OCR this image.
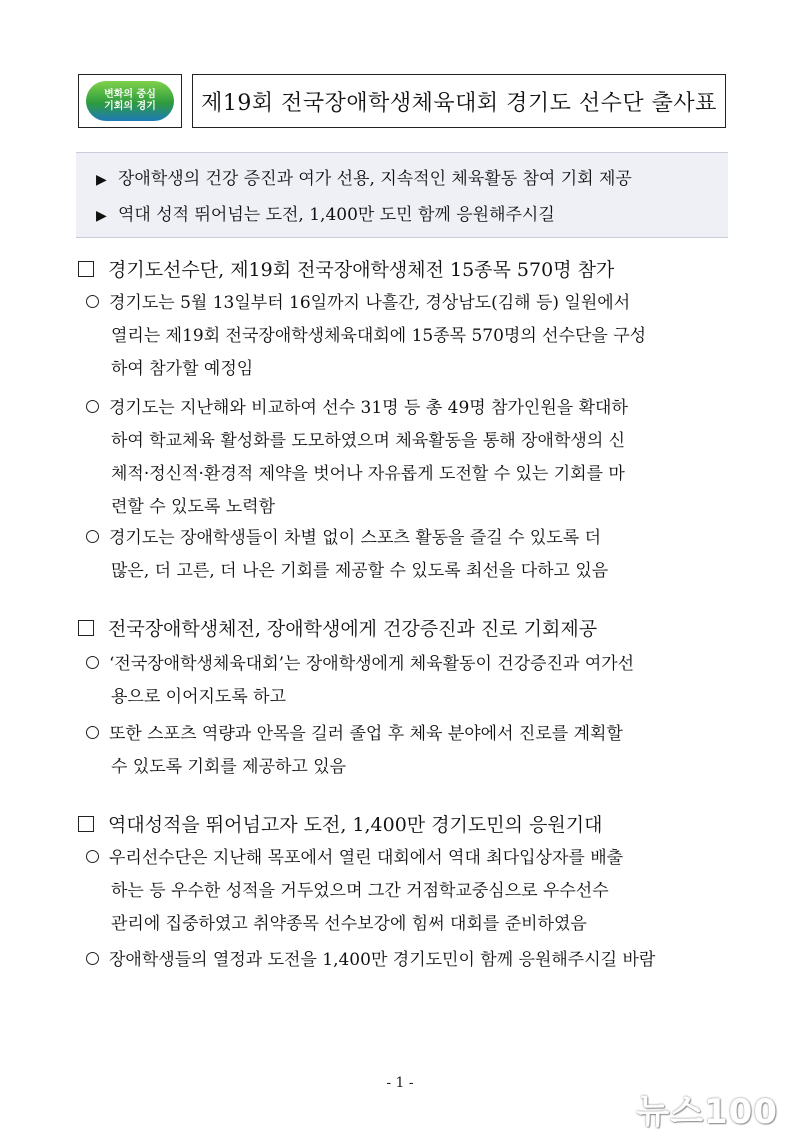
변화의 중심
기회의 경기	제19회 전국장애학생체육대회 경기도 선수단 출사표
▶ 장애학생의 건강 증진과 여가 선용, 지속적인 체육활동 참여 기회 제공
▶ 역대 성적 뛰어넘는 도전, 1,400만 도민 함께 응원해주시길
경기도선수단, 제19회 전국장애학생체전 15종목 570명 참가
경기도는 5월 13일부터 16일까지 나흘간, 경상남도(김해 등) 일원에서
열리는 제19회 전국장애학생체육대회에 15종목 570명의 선수단을 구성
하여 참가할 예정임
경기도는 지난해와 비교하여 선수 31명 등 총 49명 참가인원을 확대하
하여 학교체육 활성화를 도모하였으며 체육활동을 통해 장애학생의 신
체적·정신적·환경적 제약을 벗어나 자유롭게 도전할 수 있는 기회를 마
련할 수 있도록 노력함
경기도는 장애학생들이 차별 없이 스포츠 활동을 즐길 수 있도록 더
많은, 더 고른, 더 나은 기회를 제공할 수 있도록 최선을 다하고 있음
전국장애학생체전, 장애학생에게 건강증진과 진로 기회제공
‘전국장애학생체육대회’는 장애학생에게 체육활동이 건강증진과 여가선
용으로 이어지도록 하고
또한 스포츠 역량과 안목을 길러 졸업 후 체육 분야에서 진로를 계획할
수 있도록 기회를 제공하고 있음
역대성적을 뛰어넘고자 도전, 1,400만 경기도민의 응원기대
우리선수단은 지난해 목포에서 열린 대회에서 역대 최다입상자를 배출
하는 등 우수한 성적을 거두었으며 그간 거점학교중심으로 우수선수
관리에 집중하였고 취약종목 선수보강에 힘써 대회를 준비하였음
장애학생들의 열정과 도전을 1,400만 경기도민이 함께 응원해주시길 바람
- 1 -
뉴스100
